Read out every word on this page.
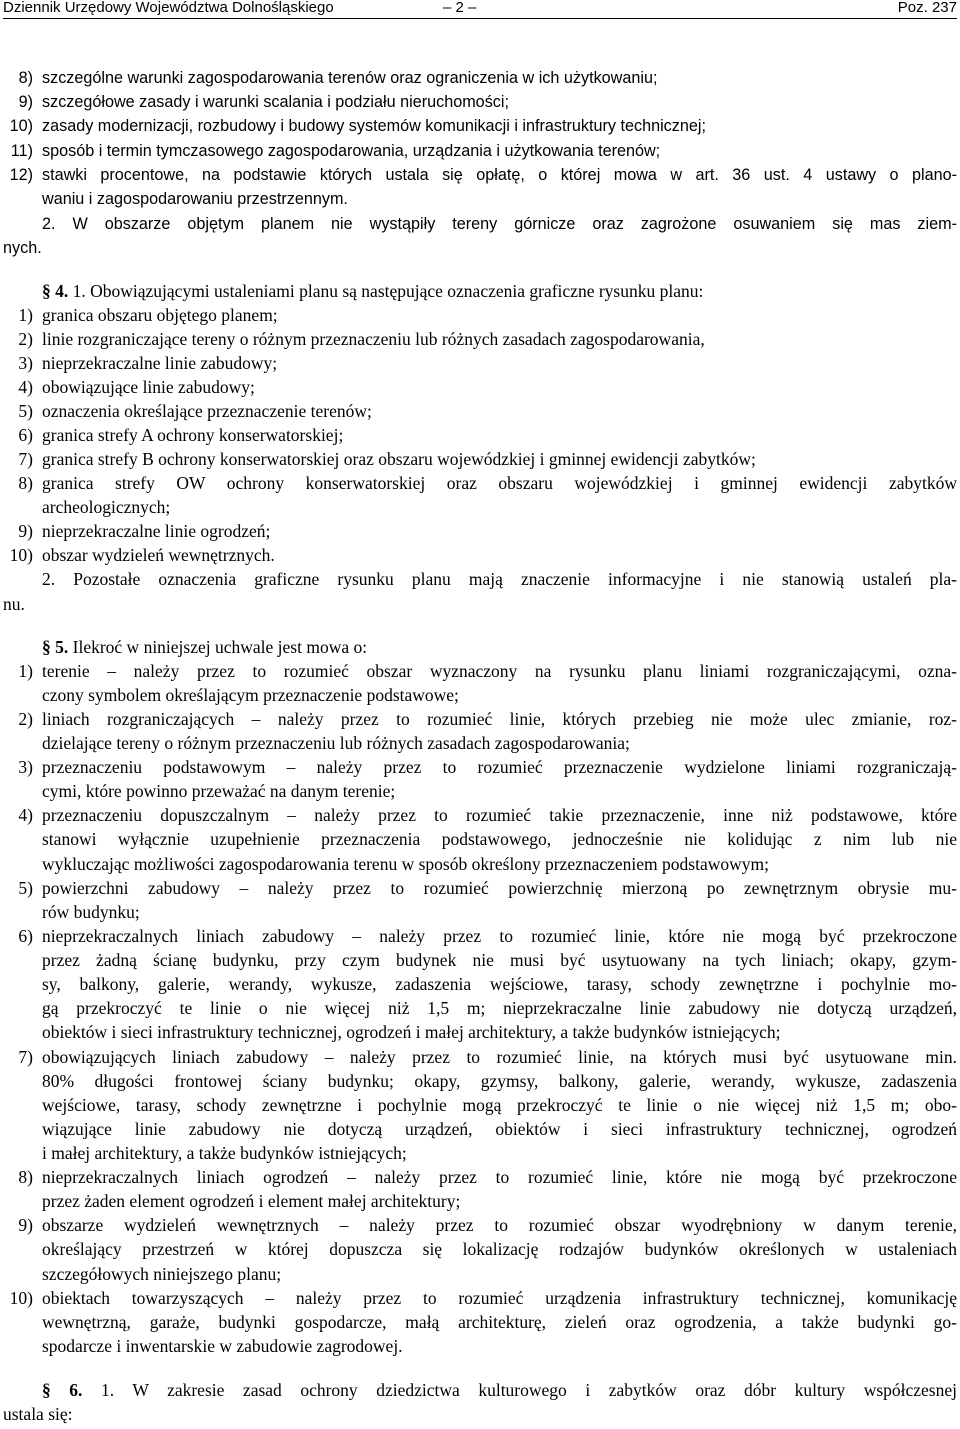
Dziennik Urzędowy Województwa Dolnośląskiego	– 2 –	Poz. 237
8) szczególne warunki zagospodarowania terenów oraz ograniczenia w ich użytkowaniu;
9) szczegółowe zasady i warunki scalania i podziału nieruchomości;
10) zasady modernizacji, rozbudowy i budowy systemów komunikacji i infrastruktury technicznej;
11) sposób i termin tymczasowego zagospodarowania, urządzania i użytkowania terenów;
12) stawki procentowe, na podstawie których ustala się opłatę, o której mowa w art. 36 ust. 4 ustawy o plano-
waniu i zagospodarowaniu przestrzennym.
2. W obszarze objętym planem nie wystąpiły tereny górnicze oraz zagrożone osuwaniem się mas ziem-
nych.
§ 4. 1. Obowiązującymi ustaleniami planu są następujące oznaczenia graficzne rysunku planu:
1) granica obszaru objętego planem;
2) linie rozgraniczające tereny o różnym przeznaczeniu lub różnych zasadach zagospodarowania,
3) nieprzekraczalne linie zabudowy;
4) obowiązujące linie zabudowy;
5) oznaczenia określające przeznaczenie terenów;
6) granica strefy A ochrony konserwatorskiej;
7) granica strefy B ochrony konserwatorskiej oraz obszaru wojewódzkiej i gminnej ewidencji zabytków;
8) granica strefy OW ochrony konserwatorskiej oraz obszaru wojewódzkiej i gminnej ewidencji zabytków
archeologicznych;
9) nieprzekraczalne linie ogrodzeń;
10) obszar wydzieleń wewnętrznych.
2. Pozostałe oznaczenia graficzne rysunku planu mają znaczenie informacyjne i nie stanowią ustaleń pla-
nu.
§ 5. Ilekroć w niniejszej uchwale jest mowa o:
1) terenie – należy przez to rozumieć obszar wyznaczony na rysunku planu liniami rozgraniczającymi, ozna-
czony symbolem określającym przeznaczenie podstawowe;
2) liniach rozgraniczających – należy przez to rozumieć linie, których przebieg nie może ulec zmianie, roz-
dzielające tereny o różnym przeznaczeniu lub różnych zasadach zagospodarowania;
3) przeznaczeniu podstawowym – należy przez to rozumieć przeznaczenie wydzielone liniami rozgraniczają-
cymi, które powinno przeważać na danym terenie;
4) przeznaczeniu dopuszczalnym – należy przez to rozumieć takie przeznaczenie, inne niż podstawowe, które
stanowi wyłącznie uzupełnienie przeznaczenia podstawowego, jednocześnie nie kolidując z nim lub nie
wykluczając możliwości zagospodarowania terenu w sposób określony przeznaczeniem podstawowym;
5) powierzchni zabudowy – należy przez to rozumieć powierzchnię mierzoną po zewnętrznym obrysie mu-
rów budynku;
6) nieprzekraczalnych liniach zabudowy – należy przez to rozumieć linie, które nie mogą być przekroczone
przez żadną ścianę budynku, przy czym budynek nie musi być usytuowany na tych liniach; okapy, gzym-
sy, balkony, galerie, werandy, wykusze, zadaszenia wejściowe, tarasy, schody zewnętrzne i pochylnie mo-
gą przekroczyć te linie o nie więcej niż 1,5 m; nieprzekraczalne linie zabudowy nie dotyczą urządzeń,
obiektów i sieci infrastruktury technicznej, ogrodzeń i małej architektury, a także budynków istniejących;
7) obowiązujących liniach zabudowy – należy przez to rozumieć linie, na których musi być usytuowane min.
80% długości frontowej ściany budynku; okapy, gzymsy, balkony, galerie, werandy, wykusze, zadaszenia
wejściowe, tarasy, schody zewnętrzne i pochylnie mogą przekroczyć te linie o nie więcej niż 1,5 m; obo-
wiązujące linie zabudowy nie dotyczą urządzeń, obiektów i sieci infrastruktury technicznej, ogrodzeń
i małej architektury, a także budynków istniejących;
8) nieprzekraczalnych liniach ogrodzeń – należy przez to rozumieć linie, które nie mogą być przekroczone
przez żaden element ogrodzeń i element małej architektury;
9) obszarze wydzieleń wewnętrznych – należy przez to rozumieć obszar wyodrębniony w danym terenie,
określający przestrzeń w której dopuszcza się lokalizację rodzajów budynków określonych w ustaleniach
szczegółowych niniejszego planu;
10) obiektach towarzyszących – należy przez to rozumieć urządzenia infrastruktury technicznej, komunikację
wewnętrzną, garaże, budynki gospodarcze, małą architekturę, zieleń oraz ogrodzenia, a także budynki go-
spodarcze i inwentarskie w zabudowie zagrodowej.
§ 6. 1. W zakresie zasad ochrony dziedzictwa kulturowego i zabytków oraz dóbr kultury współczesnej
ustala się:
